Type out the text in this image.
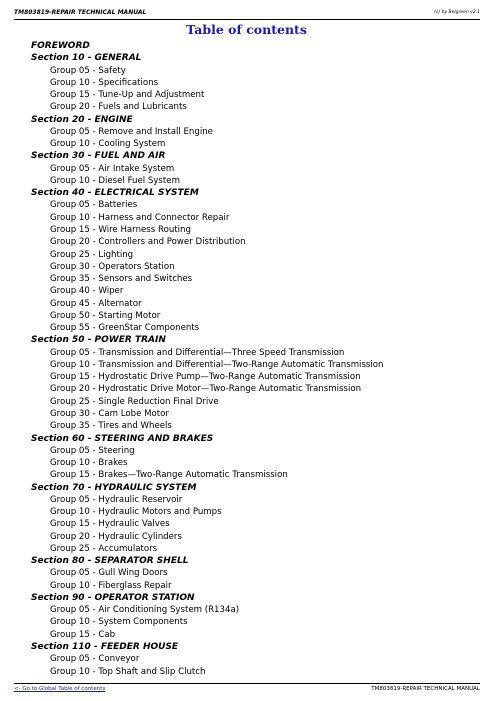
TM803819-REPAIR TECHNICAL MANUAL	(c) by Belgreen v2.1
Table of contents
FOREWORD
Section 10 - GENERAL
Group 05 - Safety
Group 10 - Specifications
Group 15 - Tune-Up and Adjustment
Group 20 - Fuels and Lubricants
Section 20 - ENGINE
Group 05 - Remove and Install Engine
Group 10 - Cooling System
Section 30 - FUEL AND AIR
Group 05 - Air Intake System
Group 10 - Diesel Fuel System
Section 40 - ELECTRICAL SYSTEM
Group 05 - Batteries
Group 10 - Harness and Connector Repair
Group 15 - Wire Harness Routing
Group 20 - Controllers and Power Distribution
Group 25 - Lighting
Group 30 - Operators Station
Group 35 - Sensors and Switches
Group 40 - Wiper
Group 45 - Alternator
Group 50 - Starting Motor
Group 55 - GreenStar Components
Section 50 - POWER TRAIN
Group 05 - Transmission and Differential—Three Speed Transmission
Group 10 - Transmission and Differential—Two-Range Automatic Transmission
Group 15 - Hydrostatic Drive Pump—Two-Range Automatic Transmission
Group 20 - Hydrostatic Drive Motor—Two-Range Automatic Transmission
Group 25 - Single Reduction Final Drive
Group 30 - Cam Lobe Motor
Group 35 - Tires and Wheels
Section 60 - STEERING AND BRAKES
Group 05 - Steering
Group 10 - Brakes
Group 15 - Brakes—Two-Range Automatic Transmission
Section 70 - HYDRAULIC SYSTEM
Group 05 - Hydraulic Reservoir
Group 10 - Hydraulic Motors and Pumps
Group 15 - Hydraulic Valves
Group 20 - Hydraulic Cylinders
Group 25 - Accumulators
Section 80 - SEPARATOR SHELL
Group 05 - Gull Wing Doors
Group 10 - Fiberglass Repair
Section 90 - OPERATOR STATION
Group 05 - Air Conditioning System (R134a)
Group 10 - System Components
Group 15 - Cab
Section 110 - FEEDER HOUSE
Group 05 - Conveyor
Group 10 - Top Shaft and Slip Clutch
<- Go to Global Table of contents	TM803819-REPAIR TECHNICAL MANUAL
